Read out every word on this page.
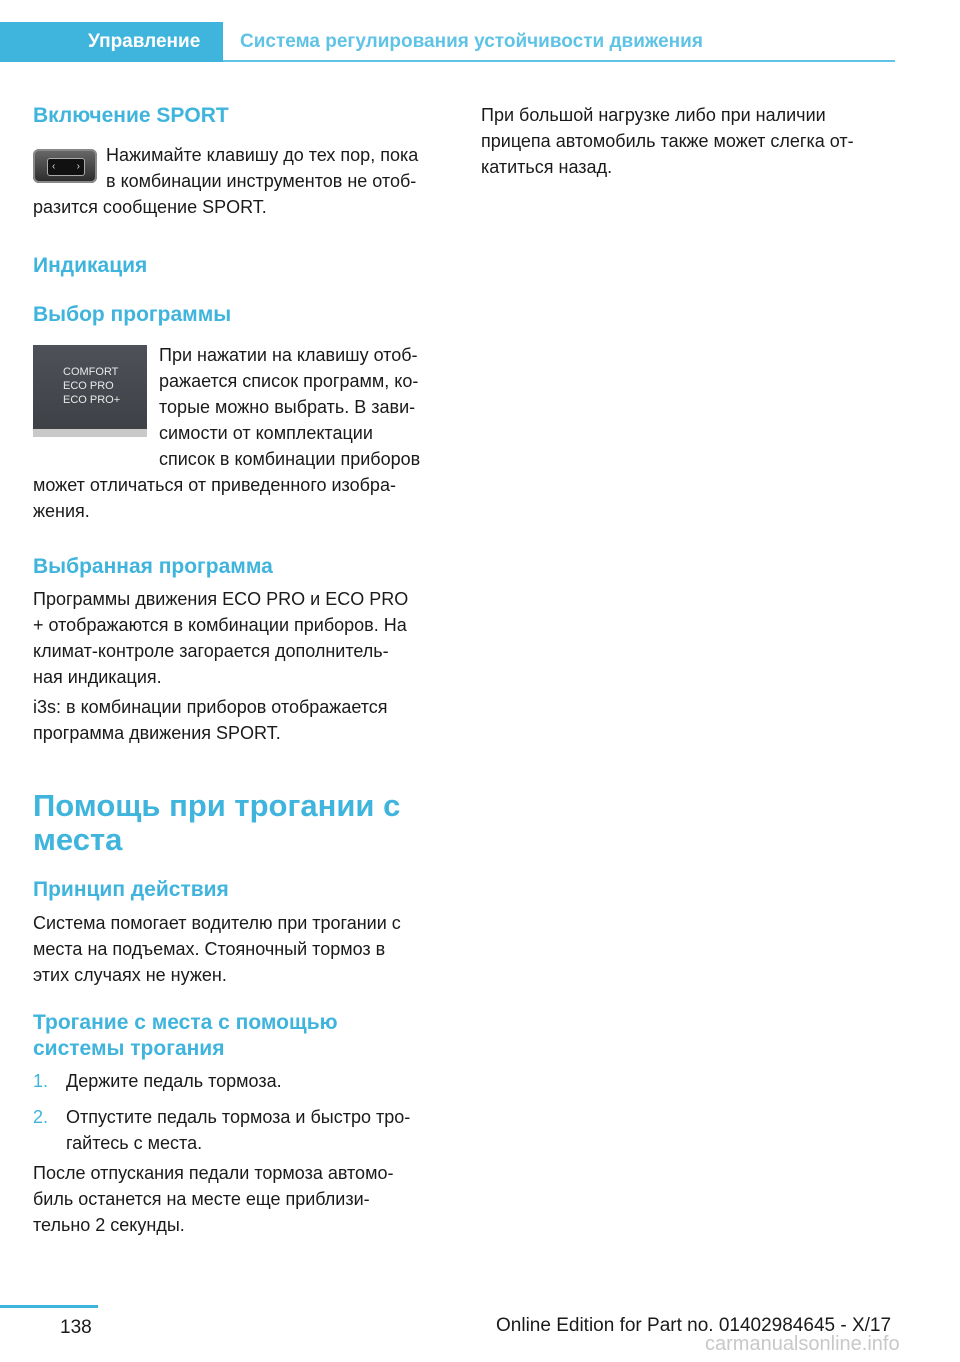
Управление	Система регулирования устойчивости движения
Включение SPORT
‹ ›

Нажимайте клавишу до тех пор, пока

в комбинации инструментов не отоб‐

разится сообщение SPORT.

Индикация
Выбор программы
COMFORT
ECO PRO
ECO PRO+

При нажатии на клавишу отоб‐

ражается список программ, ко‐

торые можно выбрать. В зави‐

симости от комплектации

список в комбинации приборов

может отличаться от приведенного изобра‐

жения.

Выбранная программа

Программы движения ECO PRO и ECO PRO

+ отображаются в комбинации приборов. На

климат-контроле загорается дополнитель‐

ная индикация.

i3s: в комбинации приборов отображается

программа движения SPORT.

Помощь при трогании с
места
Принцип действия

Система помогает водителю при трогании с

места на подъемах. Стояночный тормоз в

этих случаях не нужен.

Трогание с места с помощью
системы трогания
1. Держите педаль тормоза.
2. Отпустите педаль тормоза и быстро тро‐
гайтесь с места.

После отпускания педали тормоза автомо‐

биль останется на месте еще приблизи‐

тельно 2 секунды.

При большой нагрузке либо при наличии

прицепа автомобиль также может слегка от‐

катиться назад.

138	Online Edition for Part no. 01402984645 - X/17
carmanualsonline.info
